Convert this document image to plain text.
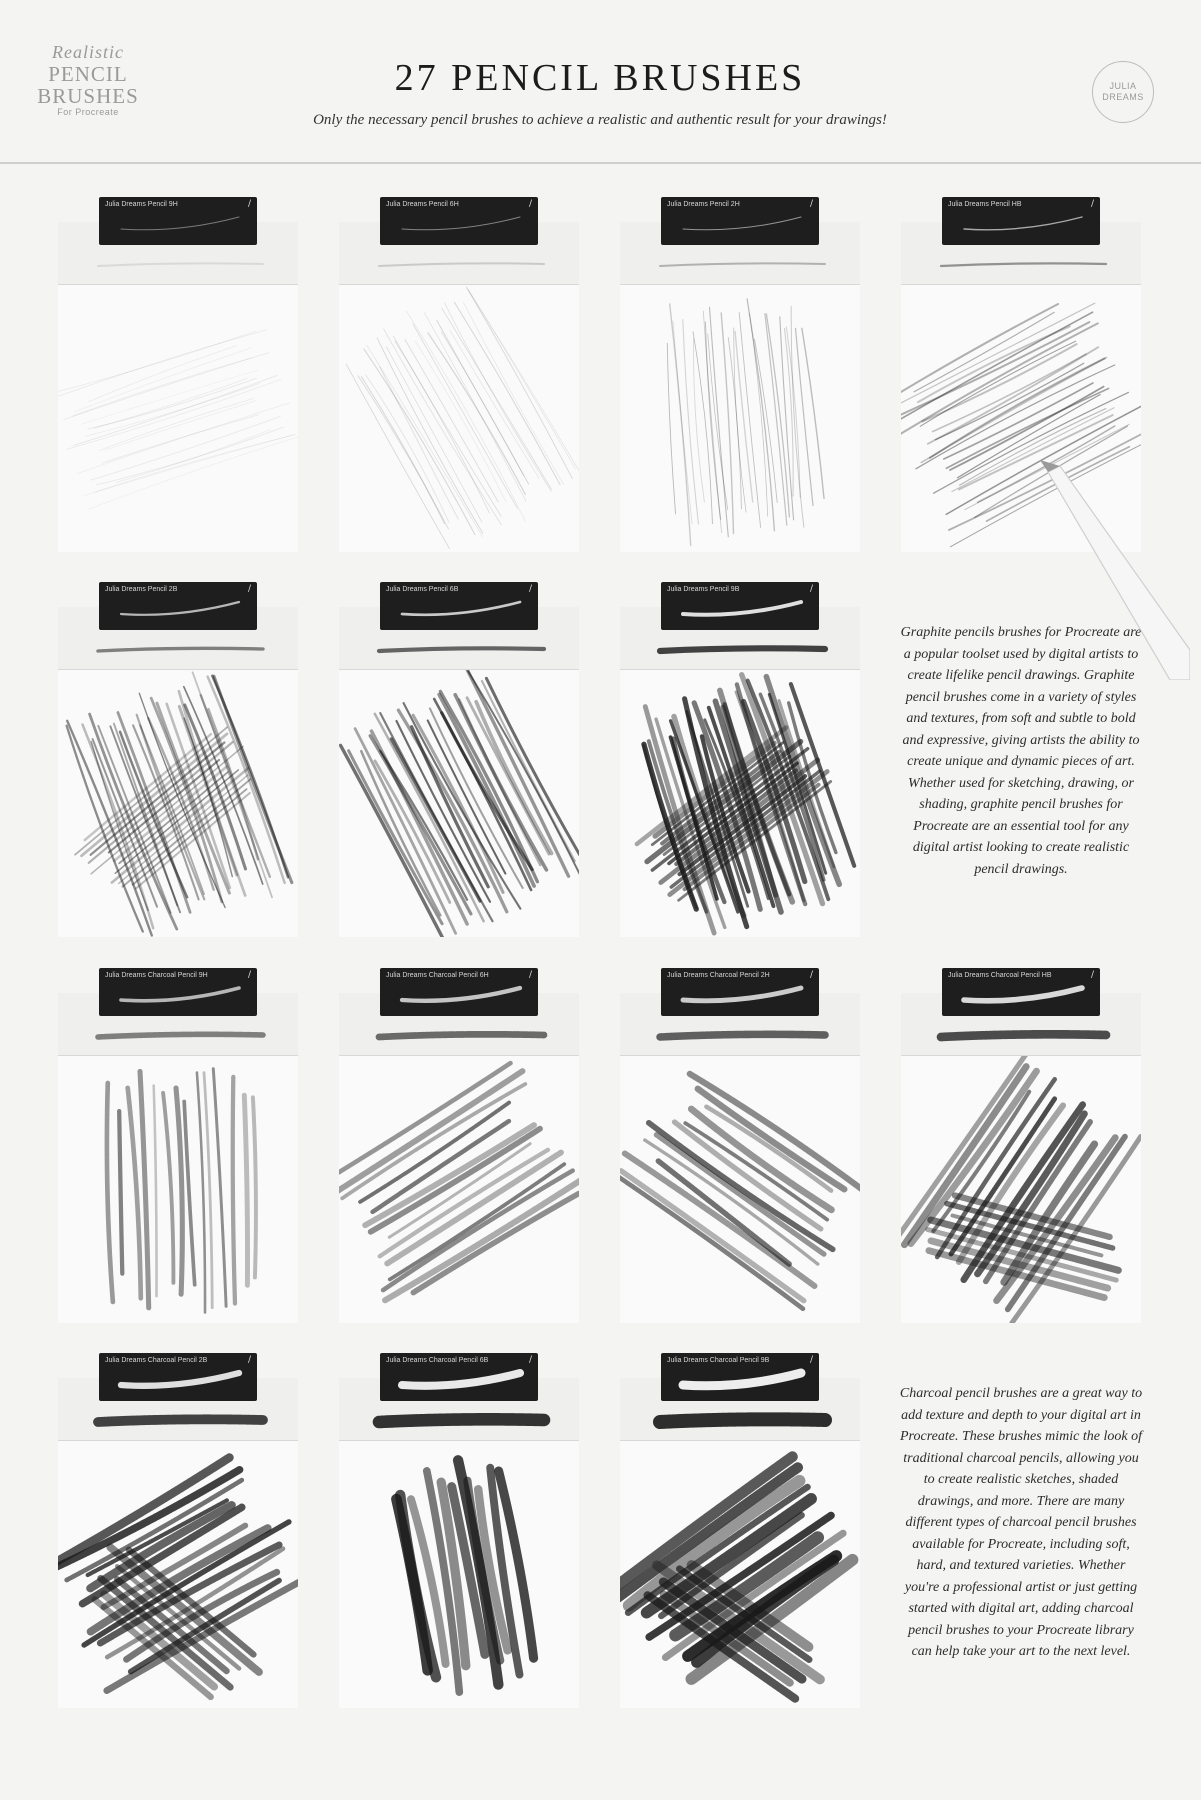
Realistic
PENCIL
BRUSHES
For Procreate
27 PENCIL BRUSHES
Only the necessary pencil brushes to achieve a realistic and authentic result for your drawings!
JULIA
DREAMS
Julia Dreams Pencil 9H	∕	Julia Dreams Pencil 6H	∕	Julia Dreams Pencil 2H	∕	Julia Dreams Pencil HB	∕
Julia Dreams Pencil 2B	∕	Julia Dreams Pencil 6B	∕	Julia Dreams Pencil 9B	∕
Julia Dreams Charcoal Pencil 9H	∕	Julia Dreams Charcoal Pencil 6H	∕	Julia Dreams Charcoal Pencil 2H	∕	Julia Dreams Charcoal Pencil HB	∕
Julia Dreams Charcoal Pencil 2B	∕	Julia Dreams Charcoal Pencil 6B	∕	Julia Dreams Charcoal Pencil 9B	∕
Graphite pencils brushes for Procreate are a popular toolset used by digital artists to create lifelike pencil drawings. Graphite pencil brushes come in a variety of styles and textures, from soft and subtle to bold and expressive, giving artists the ability to create unique and dynamic pieces of art. Whether used for sketching, drawing, or shading, graphite pencil brushes for Procreate are an essential tool for any digital artist looking to create realistic pencil drawings.
Charcoal pencil brushes are a great way to add texture and depth to your digital art in Procreate. These brushes mimic the look of traditional charcoal pencils, allowing you to create realistic sketches, shaded drawings, and more. There are many different types of charcoal pencil brushes available for Procreate, including soft, hard, and textured varieties. Whether you're a professional artist or just getting started with digital art, adding charcoal pencil brushes to your Procreate library can help take your art to the next level.
